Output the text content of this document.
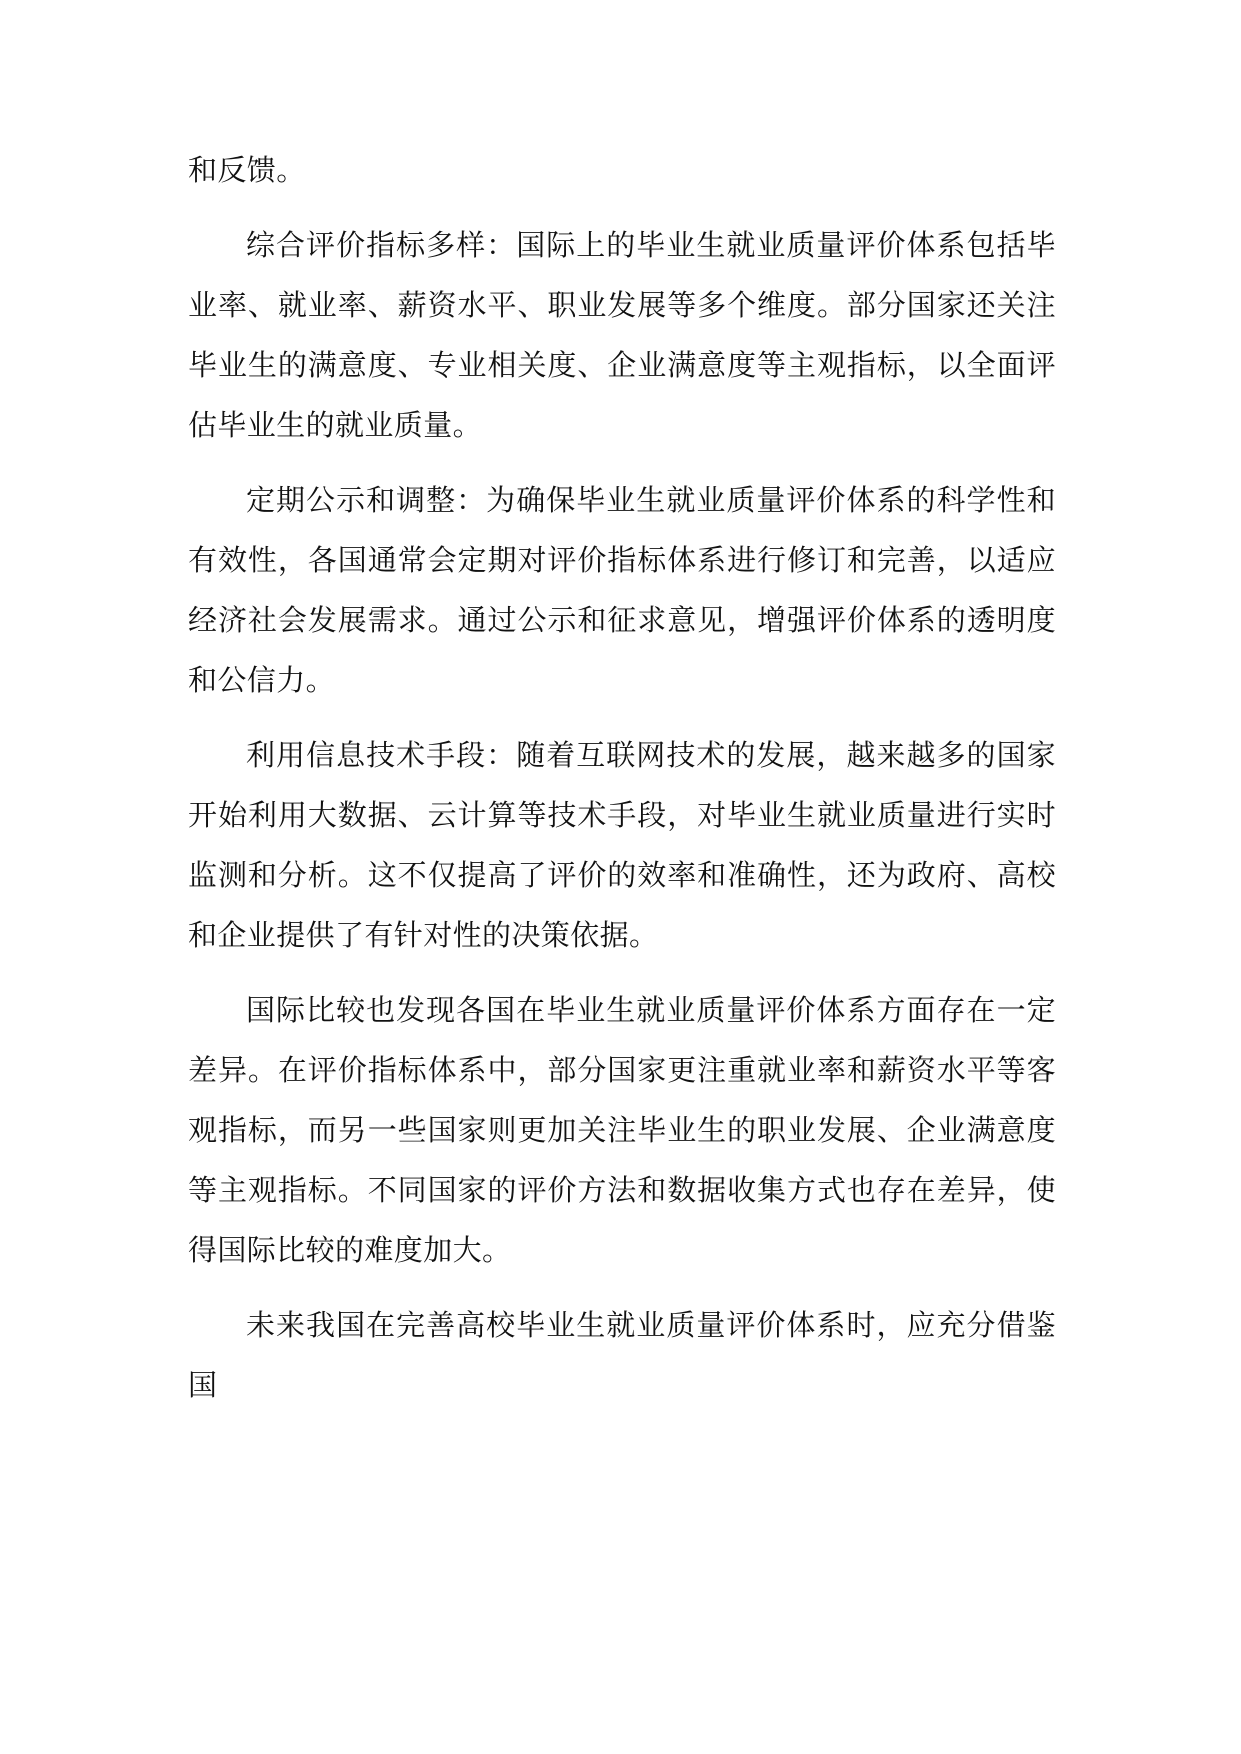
和反馈。

综合评价指标多样：国际上的毕业生就业质量评价体系包括毕业率、就业率、薪资水平、职业发展等多个维度。部分国家还关注毕业生的满意度、专业相关度、企业满意度等主观指标，以全面评估毕业生的就业质量。

定期公示和调整：为确保毕业生就业质量评价体系的科学性和有效性，各国通常会定期对评价指标体系进行修订和完善，以适应经济社会发展需求。通过公示和征求意见，增强评价体系的透明度和公信力。

利用信息技术手段：随着互联网技术的发展，越来越多的国家开始利用大数据、云计算等技术手段，对毕业生就业质量进行实时监测和分析。这不仅提高了评价的效率和准确性，还为政府、高校和企业提供了有针对性的决策依据。

国际比较也发现各国在毕业生就业质量评价体系方面存在一定差异。在评价指标体系中，部分国家更注重就业率和薪资水平等客观指标，而另一些国家则更加关注毕业生的职业发展、企业满意度等主观指标。不同国家的评价方法和数据收集方式也存在差异，使得国际比较的难度加大。

未来我国在完善高校毕业生就业质量评价体系时，应充分借鉴国
